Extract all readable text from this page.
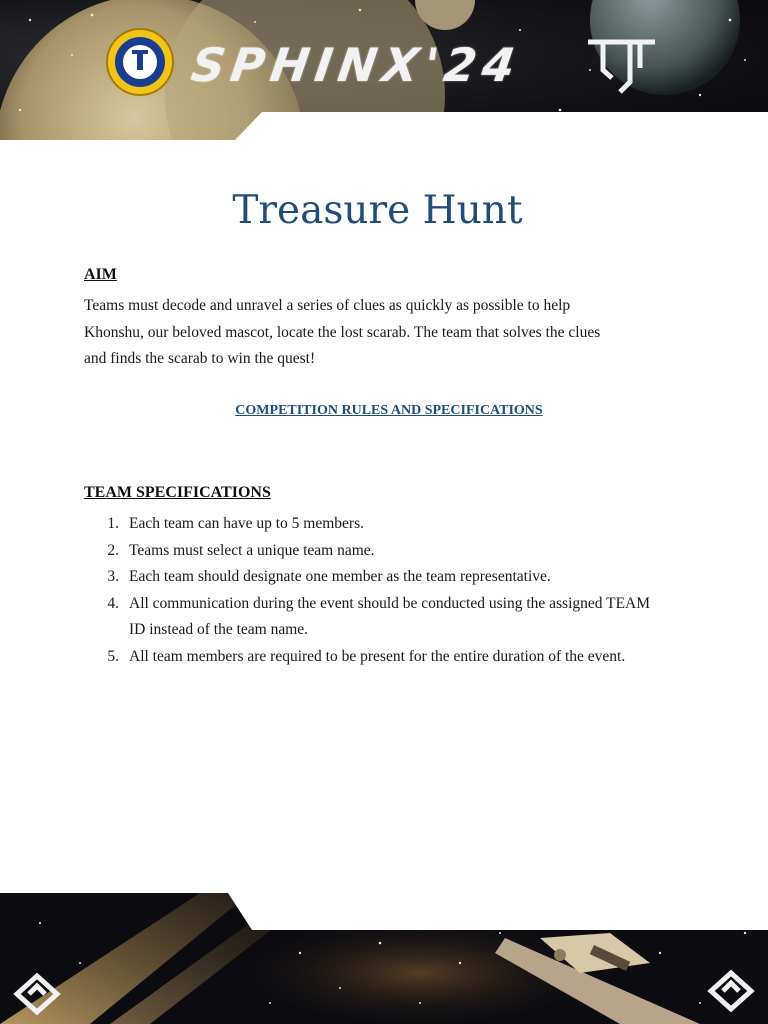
SPHINX'24
Treasure Hunt
AIM
Teams must decode and unravel a series of clues as quickly as possible to help
Khonshu, our beloved mascot, locate the lost scarab. The team that solves the clues
and finds the scarab to win the quest!
COMPETITION RULES AND SPECIFICATIONS
TEAM SPECIFICATIONS
1. Each team can have up to 5 members.
2. Teams must select a unique team name.
3. Each team should designate one member as the team representative.
4. All communication during the event should be conducted using the assigned TEAM
ID instead of the team name.
5. All team members are required to be present for the entire duration of the event.
